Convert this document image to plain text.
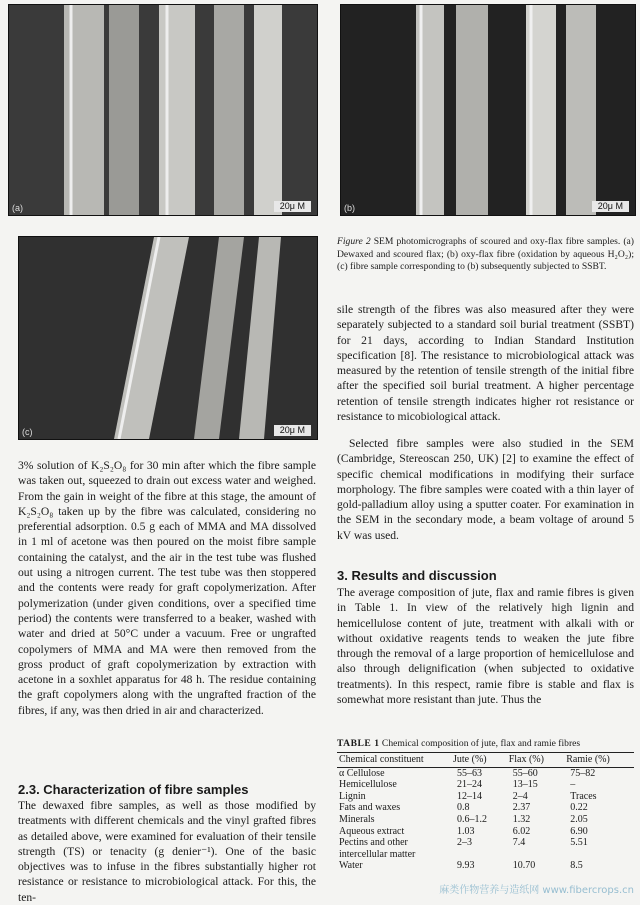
(a)	20μ M	(b)	20μ M
(c)	20μ M

Figure 2 SEM photomicrographs of scoured and oxy-flax fibre samples. (a) Dewaxed and scoured flax; (b) oxy-flax fibre (oxidation by aqueous H₂O₂); (c) fibre sample corresponding to (b) subsequently subjected to SSBT.

sile strength of the fibres was also measured after they were separately subjected to a standard soil burial treatment (SSBT) for 21 days, according to Indian Standard Institution specification [8]. The resistance to microbiological attack was measured by the retention of tensile strength of the initial fibre after the specified soil burial treatment. A higher percentage retention of tensile strength indicates higher rot resistance or resistance to micobiological attack.

Selected fibre samples were also studied in the SEM (Cambridge, Stereoscan 250, UK) [2] to examine the effect of specific chemical modifications in modifying their surface morphology. The fibre samples were coated with a thin layer of gold-palladium alloy using a sputter coater. For examination in the SEM in the secondary mode, a beam voltage of around 5 kV was used.

3. Results and discussion

The average composition of jute, flax and ramie fibres is given in Table 1. In view of the relatively high lignin and hemicellulose content of jute, treatment with alkali with or without oxidative reagents tends to weaken the jute fibre through the removal of a large proportion of hemicellulose and also through delignification (when subjected to oxidative treatments). In this respect, ramie fibre is stable and flax is somewhat more resistant than jute. Thus the

3% solution of K₂S₂O₈ for 30 min after which the fibre sample was taken out, squeezed to drain out excess water and weighed. From the gain in weight of the fibre at this stage, the amount of K₂S₂O₈ taken up by the fibre was calculated, considering no preferential adsorption. 0.5 g each of MMA and MA dissolved in 1 ml of acetone was then poured on the moist fibre sample containing the catalyst, and the air in the test tube was flushed out using a nitrogen current. The test tube was then stoppered and the contents were ready for graft copolymerization. After polymerization (under given conditions, over a specified time period) the contents were transferred to a beaker, washed with water and dried at 50°C under a vacuum. Free or ungrafted copolymers of MMA and MA were then removed from the gross product of graft copolymerization by extraction with acetone in a soxhlet apparatus for 48 h. The residue containing the graft copolymers along with the ungrafted fraction of the fibres, if any, was then dried in air and characterized.

2.3. Characterization of fibre samples

The dewaxed fibre samples, as well as those modified by treatments with different chemicals and the vinyl grafted fibres as detailed above, were examined for evaluation of their tensile strength (TS) or tenacity (g denier⁻¹). One of the basic objectives was to infuse in the fibres substantially higher rot resistance or resistance to microbiological attack. For this, the ten-

TABLE 1 Chemical composition of jute, flax and ramie fibres

Chemical constituent	Jute (%)	Flax (%)	Ramie (%)
α Cellulose	55–63	55–60	75–82
Hemicellulose	21–24	13–15	–
Lignin	12–14	2–4	Traces
Fats and waxes	0.8	2.37	0.22
Minerals	0.6–1.2	1.32	2.05
Aqueous extract	1.03	6.02	6.90
Pectins and other intercellular matter	2–3	7.4	5.51
Water	9.93	10.70	8.5
麻类作物营养与造纸网 www.fibercrops.cn
